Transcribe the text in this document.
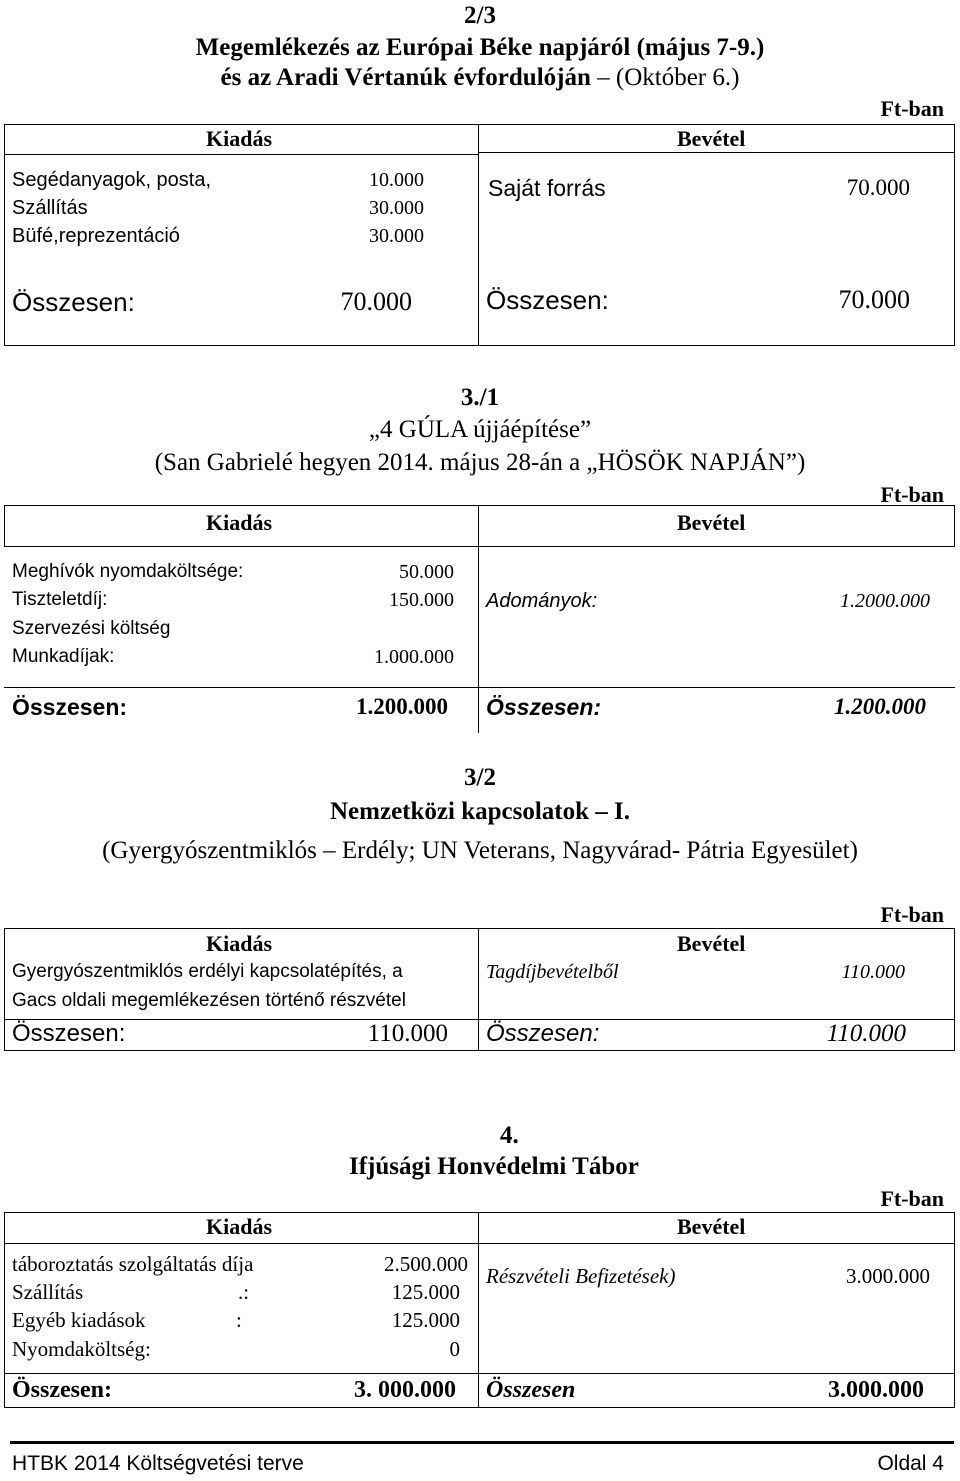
2/3
Megemlékezés az Európai Béke napjáról (május 7-9.)
és az Aradi Vértanúk évfordulóján – (Október 6.)
Ft-ban
Kiadás	Bevétel
Segédanyagok, posta,	10.000
Szállítás	30.000
Büfé,reprezentáció	30.000
Saját forrás	70.000
Összesen:	70.000	Összesen:	70.000
3./1
„4 GÚLA újjáépítése”
(San Gabrielé hegyen 2014. május 28-án a „HÖSÖK NAPJÁN”)
Ft-ban
Kiadás	Bevétel
Meghívók nyomdaköltsége:	50.000
Tiszteletdíj:	150.000
Szervezési költség
Munkadíjak:	1.000.000
Adományok:	1.2000.000
Összesen:	1.200.000 Összesen:	1.200.000
3/2
Nemzetközi kapcsolatok – I.
(Gyergyószentmiklós – Erdély; UN Veterans, Nagyvárad- Pátria Egyesület)
Ft-ban
Kiadás	Bevétel
Gyergyószentmiklós erdélyi kapcsolatépítés, a
Gacs oldali megemlékezésen történő részvétel
Tagdíjbevételből	110.000
Összesen:	110.000 Összesen:	110.000
4.
Ifjúsági Honvédelmi Tábor
Ft-ban
Kiadás	Bevétel
táboroztatás szolgáltatás díja	2.500.000
Szállítás	.:	125.000
Egyéb kiadások	:	125.000
Nyomdaköltség:	0
Részvételi Befizetések)	3.000.000
Összesen:	3. 000.000 Összesen	3.000.000
HTBK 2014 Költségvetési terve	Oldal 4
